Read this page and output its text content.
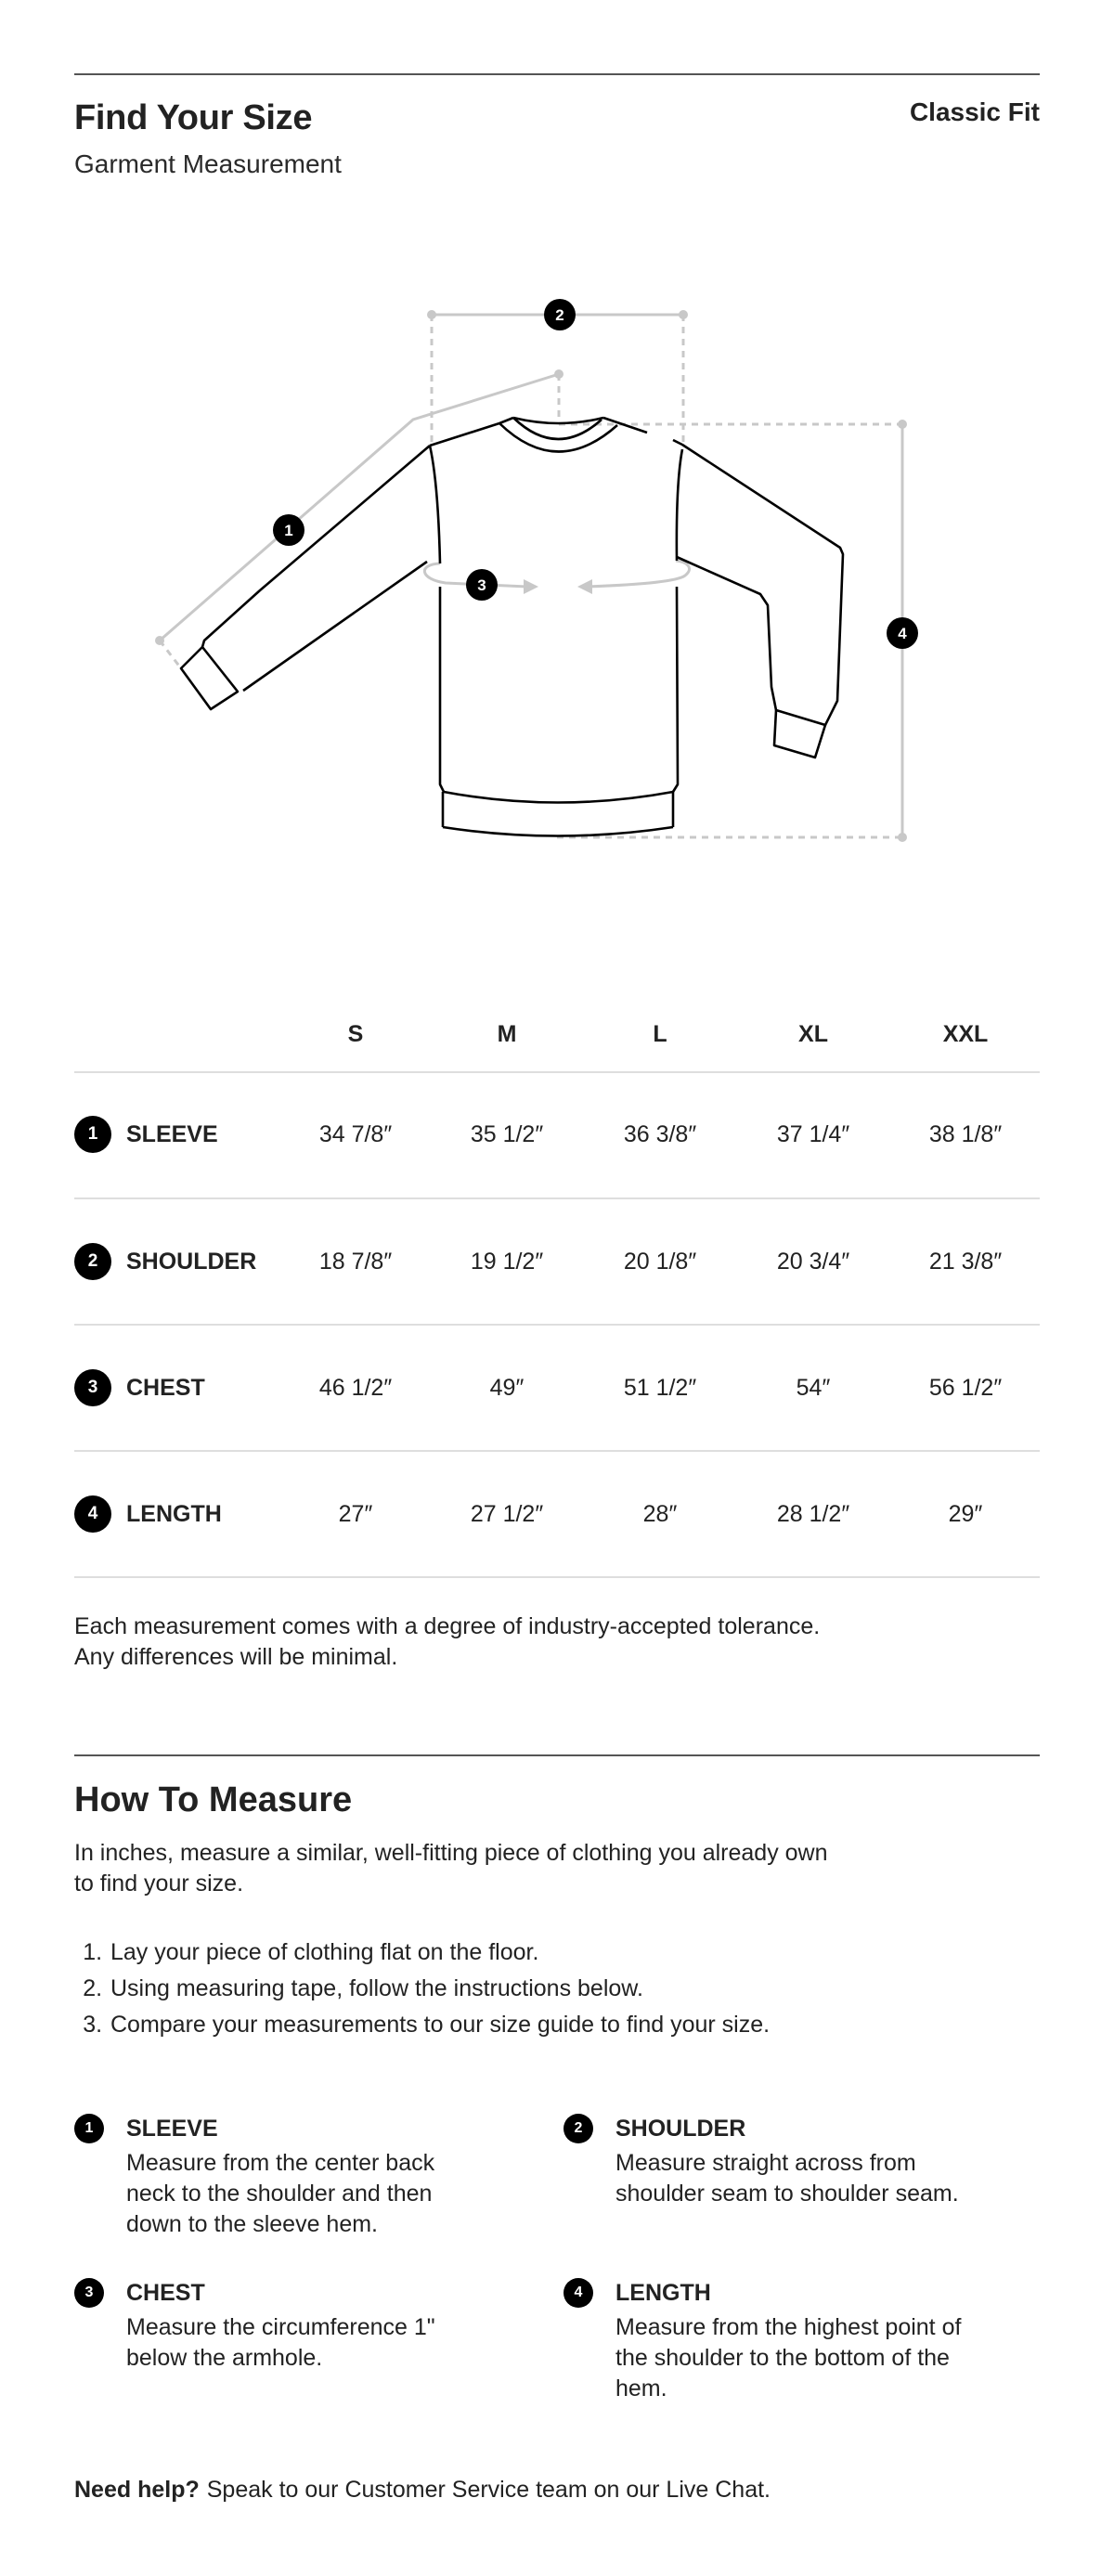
Find Your Size	Classic Fit
Garment Measurement
1
2
3
4
S	M	L	XL	XXL
1	SLEEVE	34 7/8″	35 1/2″	36 3/8″	37 1/4″	38 1/8″
2	SHOULDER	18 7/8″	19 1/2″	20 1/8″	20 3/4″	21 3/8″
3	CHEST	46 1/2″	49″	51 1/2″	54″	56 1/2″
4	LENGTH	27″	27 1/2″	28″	28 1/2″	29″
Each measurement comes with a degree of industry-accepted tolerance.
Any differences will be minimal.
How To Measure
In inches, measure a similar, well-fitting piece of clothing you already own
to find your size.
1. Lay your piece of clothing flat on the floor.
2. Using measuring tape, follow the instructions below.
3. Compare your measurements to our size guide to find your size.
1	SLEEVE
Measure from the center back neck to the shoulder and then down to the sleeve hem.
2	SHOULDER
Measure straight across from shoulder seam to shoulder seam.
3	CHEST
Measure the circumference 1" below the armhole.
4	LENGTH
Measure from the highest point of the shoulder to the bottom of the hem.
Need help? Speak to our Customer Service team on our Live Chat.
